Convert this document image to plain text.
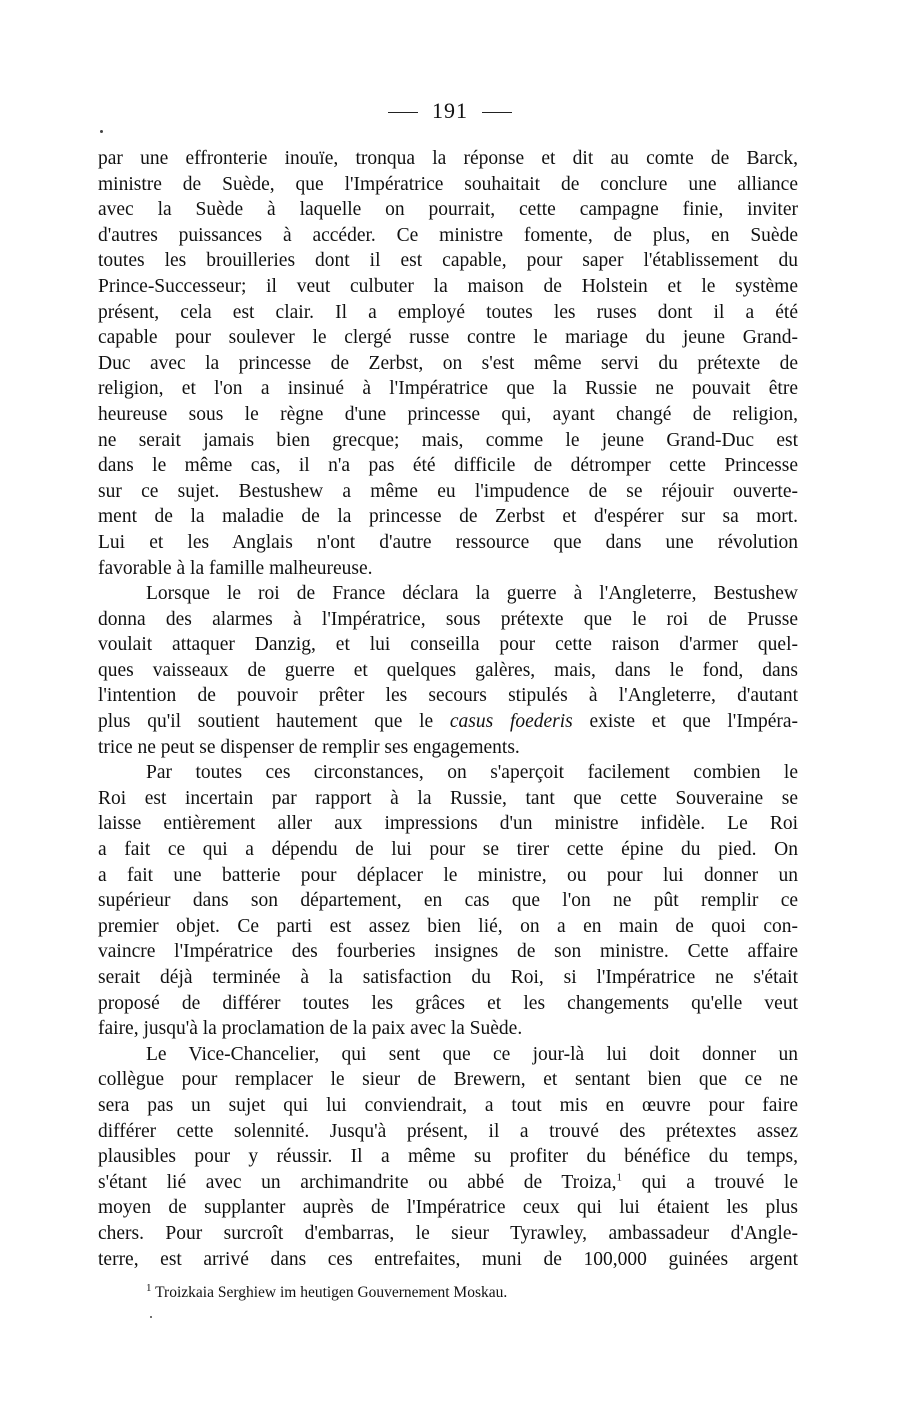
191
par une effronterie inouïe, tronqua la réponse et dit au comte de Barck,
ministre de Suède, que l'Impératrice souhaitait de conclure une alliance
avec la Suède à laquelle on pourrait, cette campagne finie, inviter
d'autres puissances à accéder. Ce ministre fomente, de plus, en Suède
toutes les brouilleries dont il est capable, pour saper l'établissement du
Prince-Successeur; il veut culbuter la maison de Holstein et le système
présent, cela est clair. Il a employé toutes les ruses dont il a été
capable pour soulever le clergé russe contre le mariage du jeune Grand-
Duc avec la princesse de Zerbst, on s'est même servi du prétexte de
religion, et l'on a insinué à l'Impératrice que la Russie ne pouvait être
heureuse sous le règne d'une princesse qui, ayant changé de religion,
ne serait jamais bien grecque; mais, comme le jeune Grand-Duc est
dans le même cas, il n'a pas été difficile de détromper cette Princesse
sur ce sujet. Bestushew a même eu l'impudence de se réjouir ouverte-
ment de la maladie de la princesse de Zerbst et d'espérer sur sa mort.
Lui et les Anglais n'ont d'autre ressource que dans une révolution
favorable à la famille malheureuse.
Lorsque le roi de France déclara la guerre à l'Angleterre, Bestushew
donna des alarmes à l'Impératrice, sous prétexte que le roi de Prusse
voulait attaquer Danzig, et lui conseilla pour cette raison d'armer quel-
ques vaisseaux de guerre et quelques galères, mais, dans le fond, dans
l'intention de pouvoir prêter les secours stipulés à l'Angleterre, d'autant
plus qu'il soutient hautement que le casus foederis existe et que l'Impéra-
trice ne peut se dispenser de remplir ses engagements.
Par toutes ces circonstances, on s'aperçoit facilement combien le
Roi est incertain par rapport à la Russie, tant que cette Souveraine se
laisse entièrement aller aux impressions d'un ministre infidèle. Le Roi
a fait ce qui a dépendu de lui pour se tirer cette épine du pied. On
a fait une batterie pour déplacer le ministre, ou pour lui donner un
supérieur dans son département, en cas que l'on ne pût remplir ce
premier objet. Ce parti est assez bien lié, on a en main de quoi con-
vaincre l'Impératrice des fourberies insignes de son ministre. Cette affaire
serait déjà terminée à la satisfaction du Roi, si l'Impératrice ne s'était
proposé de différer toutes les grâces et les changements qu'elle veut
faire, jusqu'à la proclamation de la paix avec la Suède.
Le Vice-Chancelier, qui sent que ce jour-là lui doit donner un
collègue pour remplacer le sieur de Brewern, et sentant bien que ce ne
sera pas un sujet qui lui conviendrait, a tout mis en œuvre pour faire
différer cette solennité. Jusqu'à présent, il a trouvé des prétextes assez
plausibles pour y réussir. Il a même su profiter du bénéfice du temps,
s'étant lié avec un archimandrite ou abbé de Troiza,$^1$ qui a trouvé le
moyen de supplanter auprès de l'Impératrice ceux qui lui étaient les plus
chers. Pour surcroît d'embarras, le sieur Tyrawley, ambassadeur d'Angle-
terre, est arrivé dans ces entrefaites, muni de 100,000 guinées argent
$^1$ Troizkaia Serghiew im heutigen Gouvernement Moskau.
